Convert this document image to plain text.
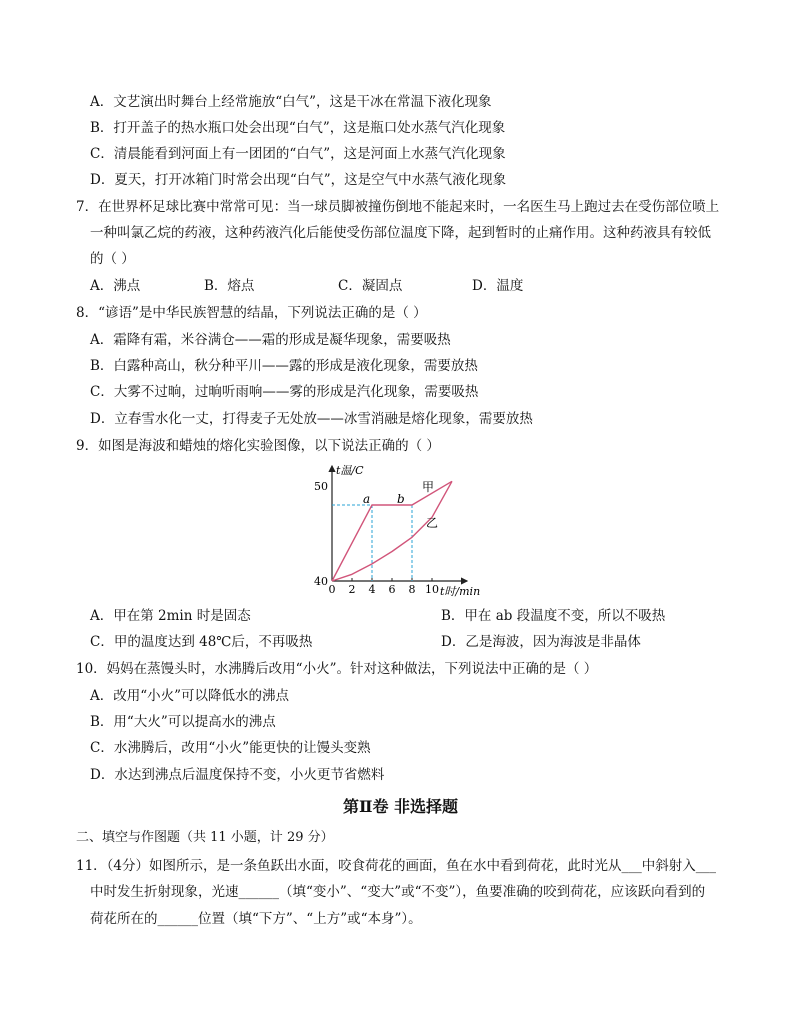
A．文艺演出时舞台上经常施放“白气”，这是干冰在常温下液化现象
B．打开盖子的热水瓶口处会出现“白气”，这是瓶口处水蒸气汽化现象
C．清晨能看到河面上有一团团的“白气”，这是河面上水蒸气汽化现象
D．夏天，打开冰箱门时常会出现“白气”，这是空气中水蒸气液化现象
7．在世界杯足球比赛中常常可见：当一球员脚被撞伤倒地不能起来时，一名医生马上跑过去在受伤部位喷上
一种叫氯乙烷的药液，这种药液汽化后能使受伤部位温度下降，起到暂时的止痛作用。这种药液具有较低
的（ ）
A．沸点	B．熔点	C．凝固点	D．温度
8．“谚语”是中华民族智慧的结晶，下列说法正确的是（ ）
A．霜降有霜，米谷满仓——霜的形成是凝华现象，需要吸热
B．白露种高山，秋分种平川——露的形成是液化现象，需要放热
C．大雾不过晌，过晌听雨响——雾的形成是汽化现象，需要吸热
D．立春雪水化一丈，打得麦子无处放——冰雪消融是熔化现象，需要放热
9．如图是海波和蜡烛的熔化实验图像，以下说法正确的（ ）
50
40
0 2 4 6 8 10
t温/C
t时/min
甲
乙
a b
A．甲在第 2min 时是固态	B．甲在 ab 段温度不变，所以不吸热
C．甲的温度达到 48℃后，不再吸热	D．乙是海波，因为海波是非晶体
10．妈妈在蒸馒头时，水沸腾后改用“小火”。针对这种做法，下列说法中正确的是（ ）
A．改用“小火”可以降低水的沸点
B．用“大火”可以提高水的沸点
C．水沸腾后，改用“小火”能更快的让馒头变熟
D．水达到沸点后温度保持不变，小火更节省燃料
第Ⅱ卷 非选择题
二、填空与作图题（共 11 小题，计 29 分）
11．（4分）如图所示，是一条鱼跃出水面，咬食荷花的画面，鱼在水中看到荷花，此时光从___中斜射入___
中时发生折射现象，光速______（填“变小”、“变大”或“不变”），鱼要准确的咬到荷花，应该跃向看到的
荷花所在的______位置（填“下方”、“上方”或“本身”）。
